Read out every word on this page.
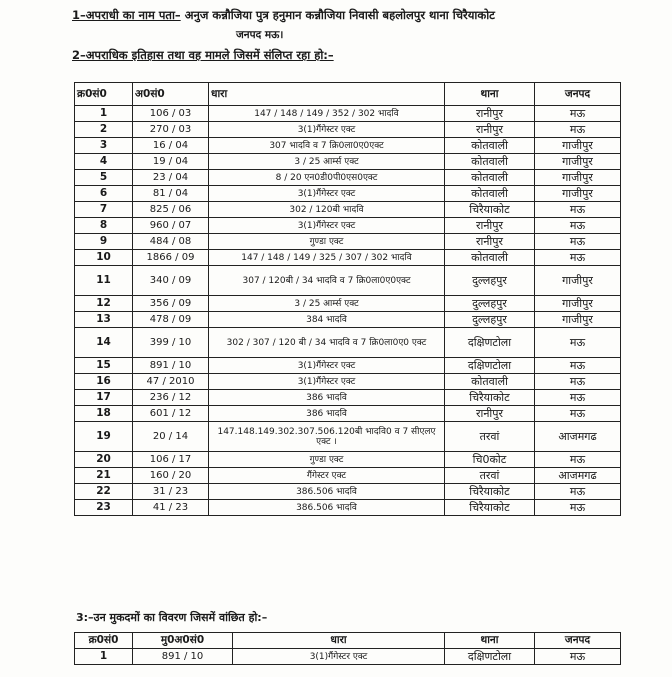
1–अपराधी का नाम पता– अनुज कन्नौजिया पुत्र हनुमान कन्नौजिया निवासी बहलोलपुर थाना चिरैयाकोट
जनपद मऊ।
2–अपराधिक इतिहास तथा वह मामले जिसमें संलिप्त रहा हो:–
क्र0सं0	अ0सं0	धारा	थाना	जनपद
1	106 / 03	147 / 148 / 149 / 352 / 302 भादवि	रानीपुर	मऊ
2	270 / 03	3(1)गैंगेस्टर एक्ट	रानीपुर	मऊ
3	16 / 04	307 भादवि व 7 क्रि0ला0ए0एक्ट	कोतवाली	गाजीपुर
4	19 / 04	3 / 25 आर्म्स एक्ट	कोतवाली	गाजीपुर
5	23 / 04	8 / 20 एन0डी0पी0एस0एक्ट	कोतवाली	गाजीपुर
6	81 / 04	3(1)गैंगेस्टर एक्ट	कोतवाली	गाजीपुर
7	825 / 06	302 / 120बी भादवि	चिरैयाकोट	मऊ
8	960 / 07	3(1)गैंगेस्टर एक्ट	रानीपुर	मऊ
9	484 / 08	गुण्डा एक्ट	रानीपुर	मऊ
10	1866 / 09	147 / 148 / 149 / 325 / 307 / 302 भादवि	कोतवाली	मऊ
11	340 / 09	307 / 120बी / 34 भादवि व 7 क्रि0ला0ए0एक्ट	दुल्लहपुर	गाजीपुर
12	356 / 09	3 / 25 आर्म्स एक्ट	दुल्लहपुर	गाजीपुर
13	478 / 09	384 भादवि	दुल्लहपुर	गाजीपुर
14	399 / 10	302 / 307 / 120 बी / 34 भादवि व 7 क्रि0ला0ए0 एक्ट	दक्षिणटोला	मऊ
15	891 / 10	3(1)गैंगेस्टर एक्ट	दक्षिणटोला	मऊ
16	47 / 2010	3(1)गैंगेस्टर एक्ट	कोतवाली	मऊ
17	236 / 12	386 भादवि	चिरैयाकोट	मऊ
18	601 / 12	386 भादवि	रानीपुर	मऊ
19	20 / 14	147.148.149.302.307.506.120बी भादवि0 व 7 सीएलए एक्ट ।	तरवां	आजमगढ
20	106 / 17	गुण्डा एक्ट	चि0कोट	मऊ
21	160 / 20	गैंगेस्टर एक्ट	तरवां	आजमगढ
22	31 / 23	386.506 भादवि	चिरैयाकोट	मऊ
23	41 / 23	386.506 भादवि	चिरैयाकोट	मऊ
3:–उन मुकदमों का विवरण जिसमें वांछित हो:–
क्र0सं0	मु0अ0सं0	धारा	थाना	जनपद
1	891 / 10	3(1)गैंगेस्टर एक्ट	दक्षिणटोला	मऊ
